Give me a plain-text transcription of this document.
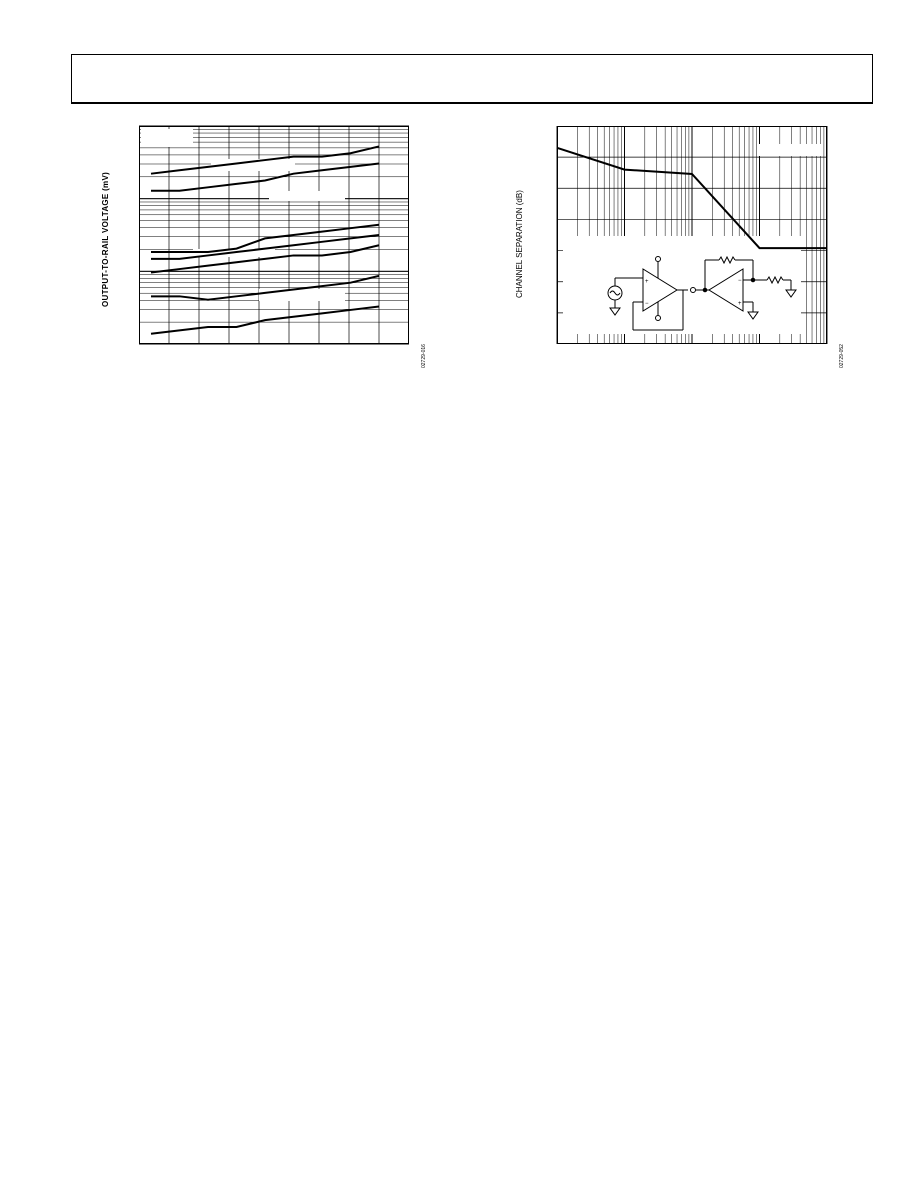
OUTPUT-TO-RAIL VOLTAGE (mV)
02729-016
CHANNEL SEPARATION (dB)	+
−
−
+
02729-052
